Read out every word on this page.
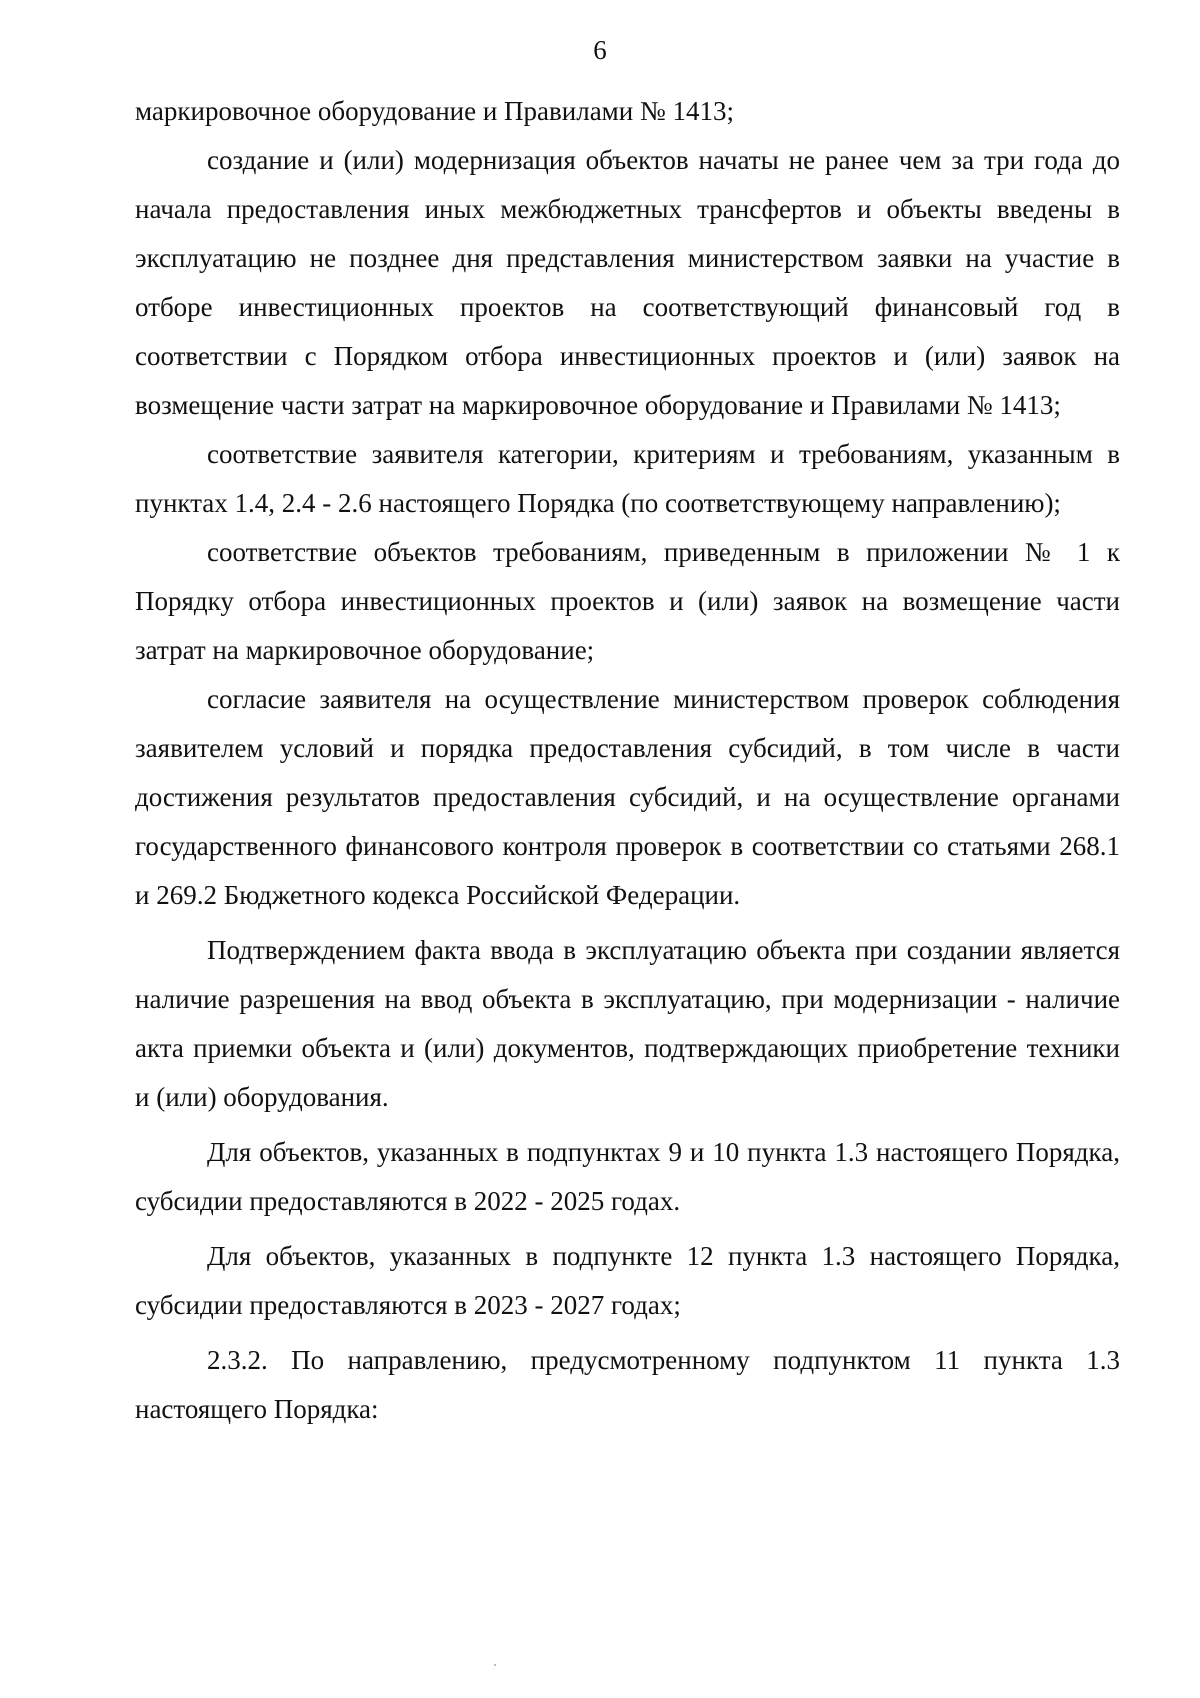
6

маркировочное оборудование и Правилами № 1413;

создание и (или) модернизация объектов начаты не ранее чем за три года до начала предоставления иных межбюджетных трансфертов и объекты введены в эксплуатацию не позднее дня представления министерством заявки на участие в отборе инвестиционных проектов на соответствующий финансовый год в соответствии с Порядком отбора инвестиционных проектов и (или) заявок на возмещение части затрат на маркировочное оборудование и Правилами № 1413;

соответствие заявителя категории, критериям и требованиям, указанным в пунктах 1.4, 2.4 - 2.6 настоящего Порядка (по соответствующему направлению);

соответствие объектов требованиям, приведенным в приложении № 1 к Порядку отбора инвестиционных проектов и (или) заявок на возмещение части затрат на маркировочное оборудование;

согласие заявителя на осуществление министерством проверок соблюдения заявителем условий и порядка предоставления субсидий, в том числе в части достижения результатов предоставления субсидий, и на осуществление органами государственного финансового контроля проверок в соответствии со статьями 268.1 и 269.2 Бюджетного кодекса Российской Федерации.

Подтверждением факта ввода в эксплуатацию объекта при создании является наличие разрешения на ввод объекта в эксплуатацию, при модернизации - наличие акта приемки объекта и (или) документов, подтверждающих приобретение техники и (или) оборудования.

Для объектов, указанных в подпунктах 9 и 10 пункта 1.3 настоящего Порядка, субсидии предоставляются в 2022 - 2025 годах.

Для объектов, указанных в подпункте 12 пункта 1.3 настоящего Порядка, субсидии предоставляются в 2023 - 2027 годах;

2.3.2. По направлению, предусмотренному подпунктом 11 пункта 1.3 настоящего Порядка:
